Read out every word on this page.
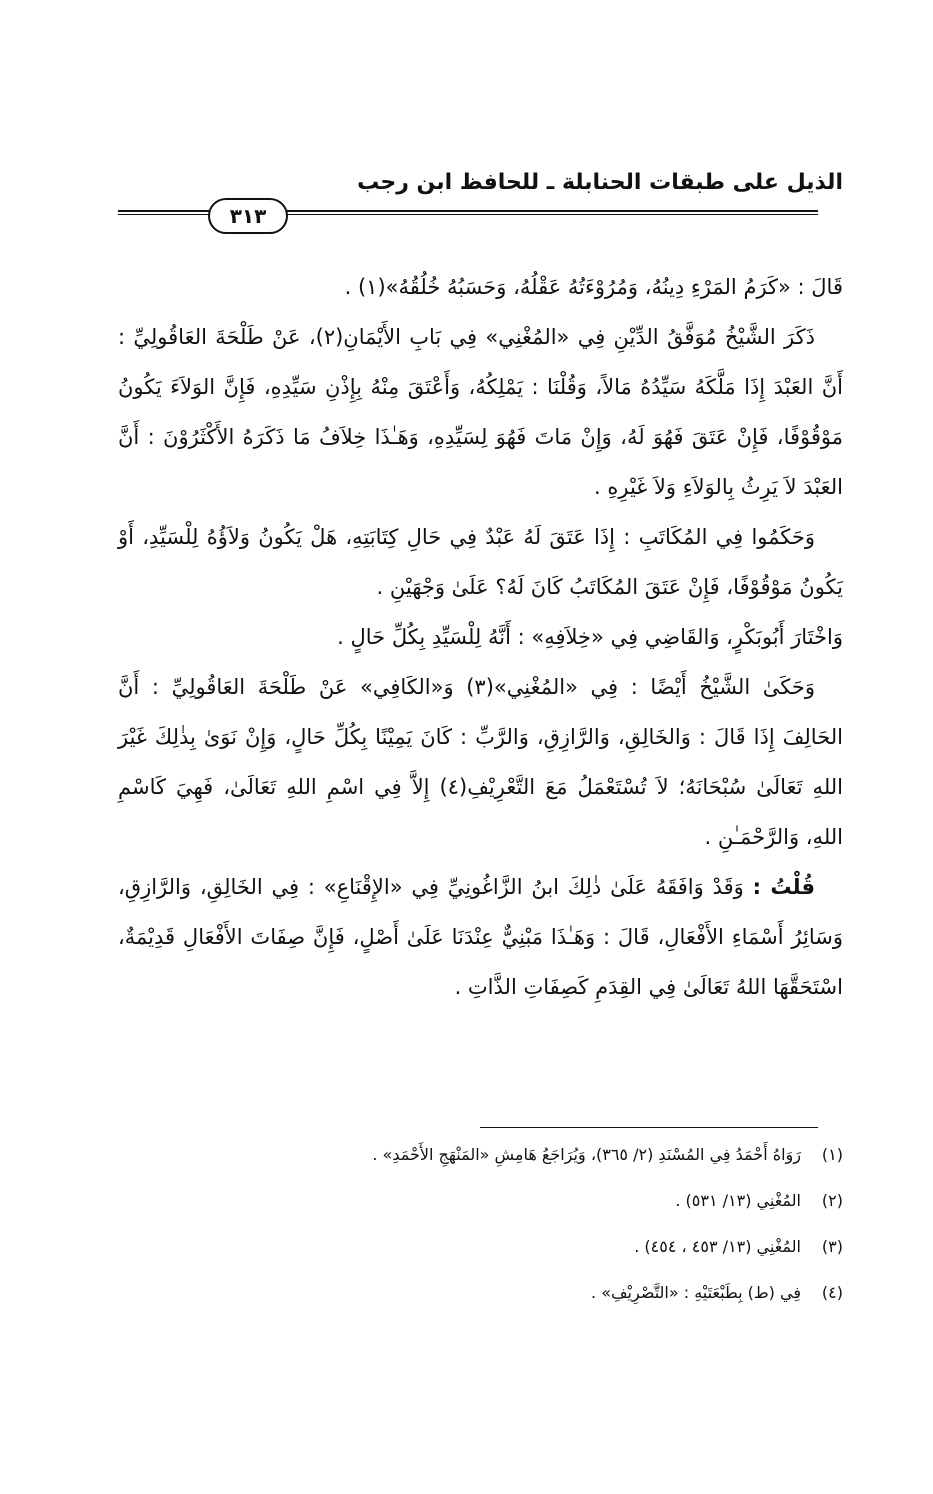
الذيل على طبقات الحنابلة ـ للحافظ ابن رجب
٣١٣

قَالَ : «كَرَمُ المَرْءِ دِينُهُ، وَمُرُوْءَتُهُ عَقْلُهُ، وَحَسَبُهُ خُلُقُهُ»(١) .

ذَكَرَ الشَّيْخُ مُوَفَّقُ الدِّيْنِ فِي «المُغْنِي» فِي بَابِ الأَيْمَانِ(٢)، عَنْ طَلْحَةَ العَاقُولِيِّ : أَنَّ العَبْدَ إِذَا مَلَّكَهُ سَيِّدُهُ مَالاً، وَقُلْنَا : يَمْلِكُهُ، وَأَعْتَقَ مِنْهُ بِإِذْنِ سَيِّدِهِ، فَإِنَّ الوَلاَءَ يَكُونُ مَوْقُوْفًا، فَإِنْ عَتَقَ فَهُوَ لَهُ، وَإِنْ مَاتَ فَهُوَ لِسَيِّدِهِ، وَهَـٰذَا خِلاَفُ مَا ذَكَرَهُ الأَكْثَرُوْنَ : أَنَّ العَبْدَ لاَ يَرِثُ بِالوَلاَءِ وَلاَ غَيْرِهِ .

وَحَكَمُوا فِي المُكَاتَبِ : إِذَا عَتَقَ لَهُ عَبْدٌ فِي حَالِ كِتَابَتِهِ، هَلْ يَكُونُ وَلاَؤُهُ لِلْسَيِّدِ، أَوْ يَكُونُ مَوْقُوْفًا، فَإِنْ عَتَقَ المُكَاتَبُ كَانَ لَهُ؟ عَلَىٰ وَجْهَيْنِ .

وَاخْتَارَ أَبُوبَكْرٍ، وَالقَاضِي فِي «خِلاَفِهِ» : أَنَّهُ لِلْسَيِّدِ بِكُلِّ حَالٍ .

وَحَكَىٰ الشَّيْخُ أَيْضًا : فِي «المُغْنِي»(٣) وَ«الكَافِي» عَنْ طَلْحَةَ العَاقُولِيِّ : أَنَّ الحَالِفَ إِذَا قَالَ : وَالخَالِقِ، وَالرَّازِقِ، وَالرَّبِّ : كَانَ يَمِيْنًا بِكُلِّ حَالٍ، وَإِنْ نَوَىٰ بِذٰلِكَ غَيْرَ اللهِ تَعَالَىٰ سُبْحَانَهُ؛ لاَ تُسْتَعْمَلُ مَعَ التَّعْرِيْفِ(٤) إِلاَّ فِي اسْمِ اللهِ تَعَالَىٰ، فَهِيَ كَاسْمِ اللهِ، وَالرَّحْمَـٰنِ .

قُلْتُ : وَقَدْ وَافَقَهُ عَلَىٰ ذٰلِكَ ابنُ الزَّاغُونِيِّ فِي «الإِقْنَاعِ» : فِي الخَالِقِ، وَالرَّازِقِ، وَسَائِرُ أَسْمَاءِ الأَفْعَالِ، قَالَ : وَهَـٰذَا مَبْنِيٌّ عِنْدَنَا عَلَىٰ أَصْلٍ، فَإِنَّ صِفَاتَ الأَفْعَالِ قَدِيْمَةٌ، اسْتَحَقَّهَا اللهُ تَعَالَىٰ فِي القِدَمِ كَصِفَاتِ الذَّاتِ .

(١)
رَوَاهُ أَحْمَدُ فِي المُسْنَدِ (٢/ ٣٦٥)، وَيُرَاجَعُ هَامِشِ «المَنْهَجِ الأَحْمَدِ» .
(٢)
المُغْنِي (١٣/ ٥٣١) .
(٣)
المُغْنِي (١٣/ ٤٥٣ ، ٤٥٤) .
(٤)
فِي (ط) بِطَبْعَتَيْهِ : «التَّصْرِيْفِ» .
